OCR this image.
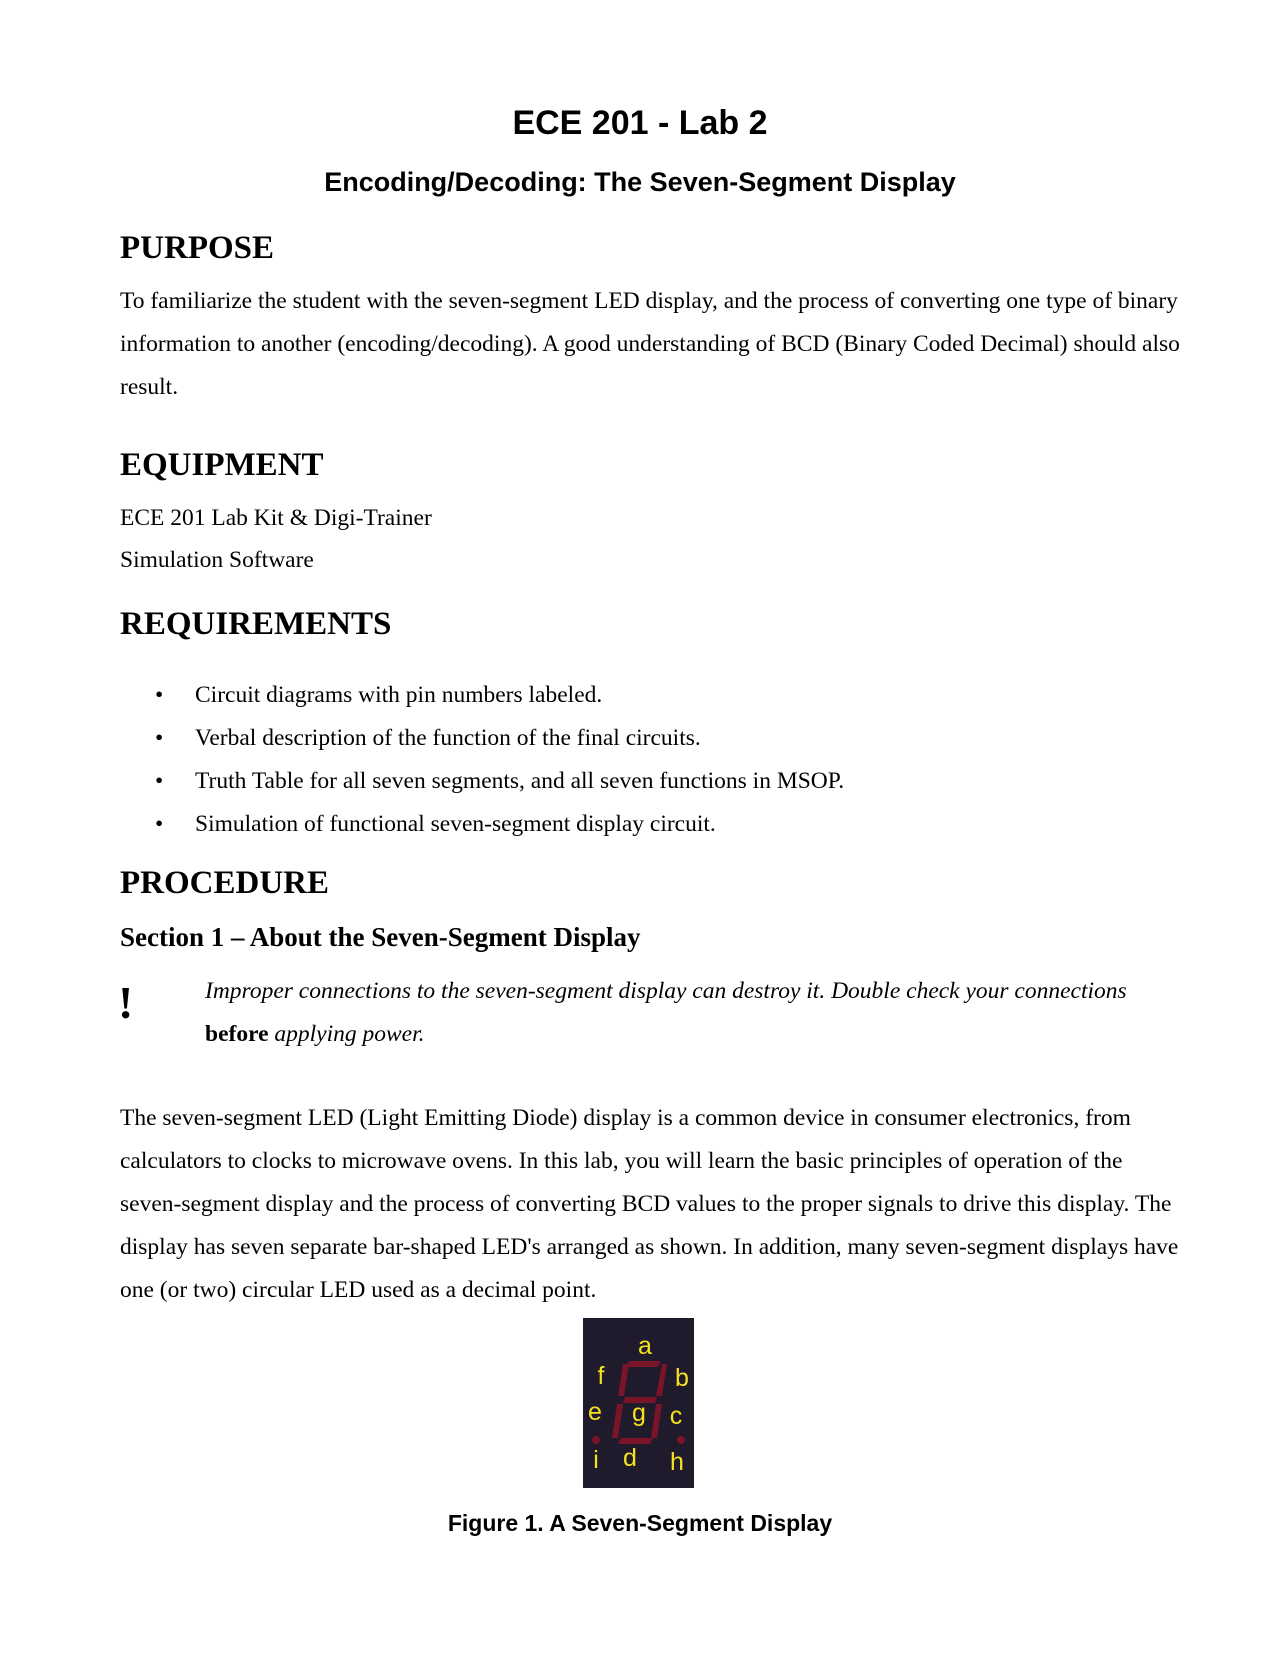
ECE 201 - Lab 2
Encoding/Decoding: The Seven-Segment Display
PURPOSE
To familiarize the student with the seven-segment LED display, and the process of converting one type of binary information to another (encoding/decoding). A good understanding of BCD (Binary Coded Decimal) should also result.
EQUIPMENT
ECE 201 Lab Kit & Digi-Trainer
Simulation Software
REQUIREMENTS
• Circuit diagrams with pin numbers labeled.
• Verbal description of the function of the final circuits.
• Truth Table for all seven segments, and all seven functions in MSOP.
• Simulation of functional seven-segment display circuit.
PROCEDURE
Section 1 – About the Seven-Segment Display
!	Improper connections to the seven-segment display can destroy it. Double check your connections before applying power.
The seven-segment LED (Light Emitting Diode) display is a common device in consumer electronics, from calculators to clocks to microwave ovens. In this lab, you will learn the basic principles of operation of the seven-segment display and the process of converting BCD values to the proper signals to drive this display. The display has seven separate bar-shaped LED's arranged as shown. In addition, many seven-segment displays have one (or two) circular LED used as a decimal point.
a
b
c
d
e
f
g
h
i
Figure 1. A Seven-Segment Display
